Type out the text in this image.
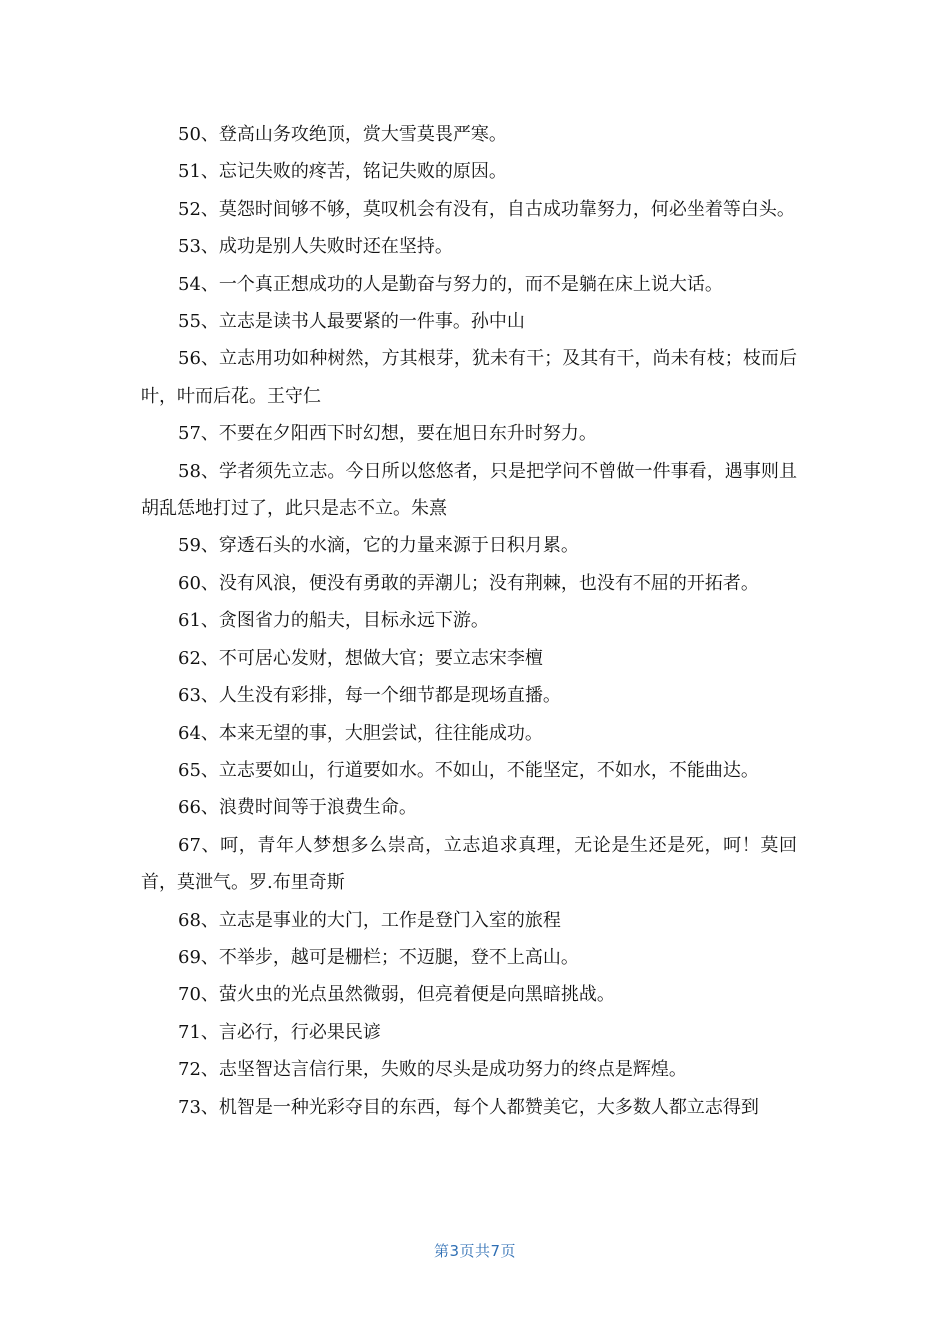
50、登高山务攻绝顶，赏大雪莫畏严寒。

51、忘记失败的疼苦，铭记失败的原因。

52、莫怨时间够不够，莫叹机会有没有，自古成功靠努力，何必坐着等白头。

53、成功是别人失败时还在坚持。

54、一个真正想成功的人是勤奋与努力的，而不是躺在床上说大话。

55、立志是读书人最要紧的一件事。孙中山

56、立志用功如种树然，方其根芽，犹未有干；及其有干，尚未有枝；枝而后叶，叶而后花。王守仁

57、不要在夕阳西下时幻想，要在旭日东升时努力。

58、学者须先立志。今日所以悠悠者，只是把学问不曾做一件事看，遇事则且胡乱恁地打过了，此只是志不立。朱熹

59、穿透石头的水滴，它的力量来源于日积月累。

60、没有风浪，便没有勇敢的弄潮儿；没有荆棘，也没有不屈的开拓者。

61、贪图省力的船夫，目标永远下游。

62、不可居心发财，想做大官；要立志宋李檀

63、人生没有彩排，每一个细节都是现场直播。

64、本来无望的事，大胆尝试，往往能成功。

65、立志要如山，行道要如水。不如山，不能坚定，不如水，不能曲达。

66、浪费时间等于浪费生命。

67、呵，青年人梦想多么崇高，立志追求真理，无论是生还是死，呵！莫回首，莫泄气。罗.布里奇斯

68、立志是事业的大门，工作是登门入室的旅程

69、不举步，越可是栅栏；不迈腿，登不上高山。

70、萤火虫的光点虽然微弱，但亮着便是向黑暗挑战。

71、言必行，行必果民谚

72、志坚智达言信行果，失败的尽头是成功努力的终点是辉煌。

73、机智是一种光彩夺目的东西，每个人都赞美它，大多数人都立志得到

第3页共7页
